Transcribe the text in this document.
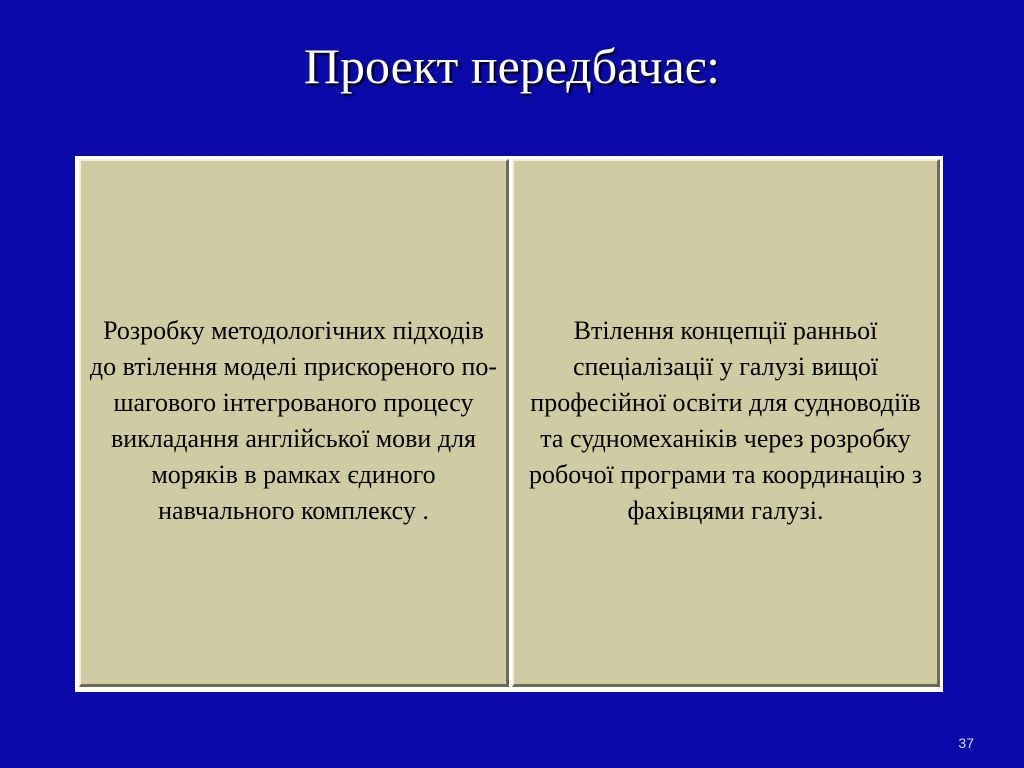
Проект передбачає:
Розробку методологічних підходів до втілення моделі прискореного по-шагового інтегрованого процесу викладання англійської мови для моряків в рамках єдиного навчального комплексу .
Втілення концепції ранньої спеціалізації у галузі вищої професійної освіти для судноводіїв та судномеханіків через розробку робочої програми та координацію з фахівцями галузі.
37
